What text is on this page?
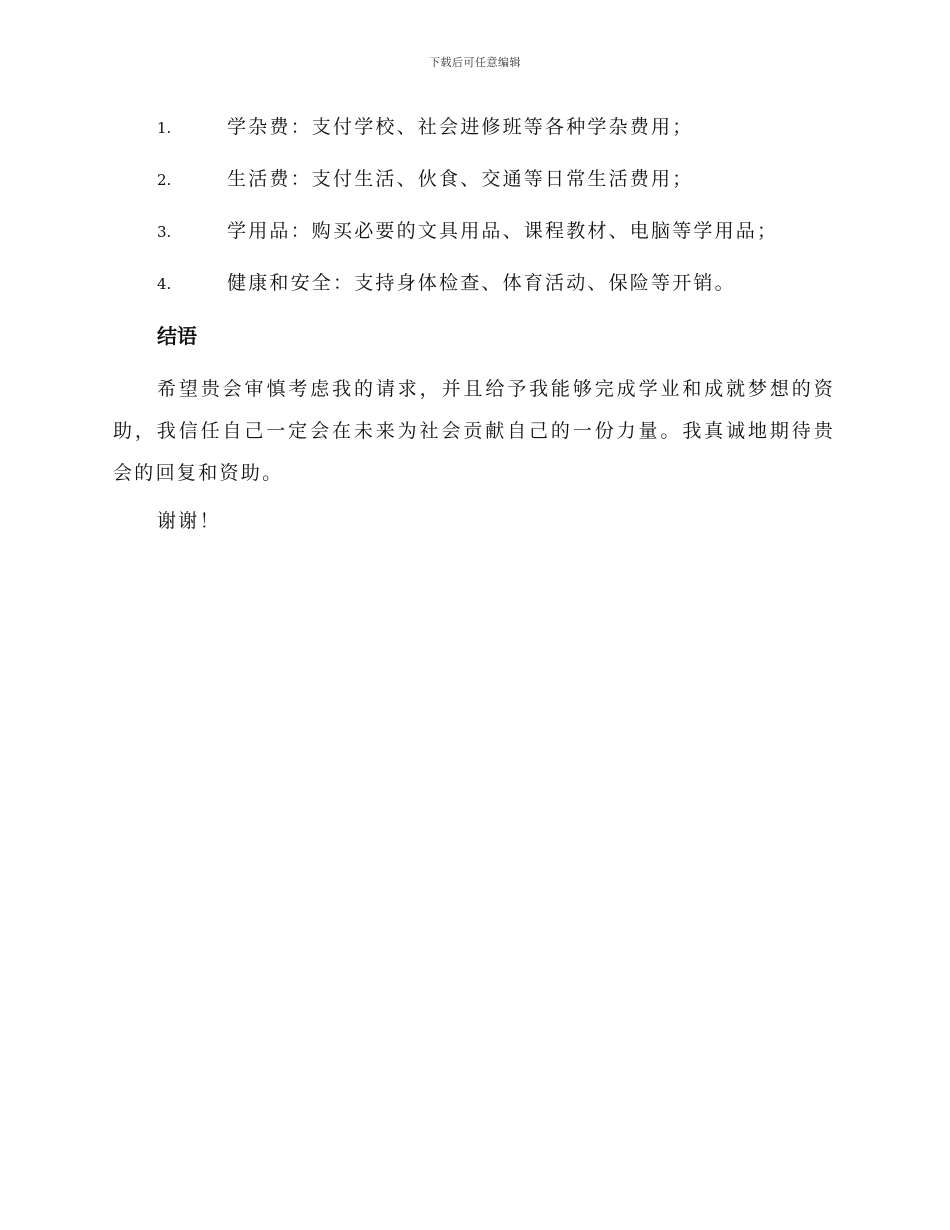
下载后可任意编辑
1.	学杂费：支付学校、社会进修班等各种学杂费用；
2.	生活费：支付生活、伙食、交通等日常生活费用；
3.	学用品：购买必要的文具用品、课程教材、电脑等学用品；
4.	健康和安全：支持身体检查、体育活动、保险等开销。
结语

希望贵会审慎考虑我的请求，并且给予我能够完成学业和成就梦想的资助，我信任自己一定会在未来为社会贡献自己的一份力量。我真诚地期待贵会的回复和资助。

谢谢！
